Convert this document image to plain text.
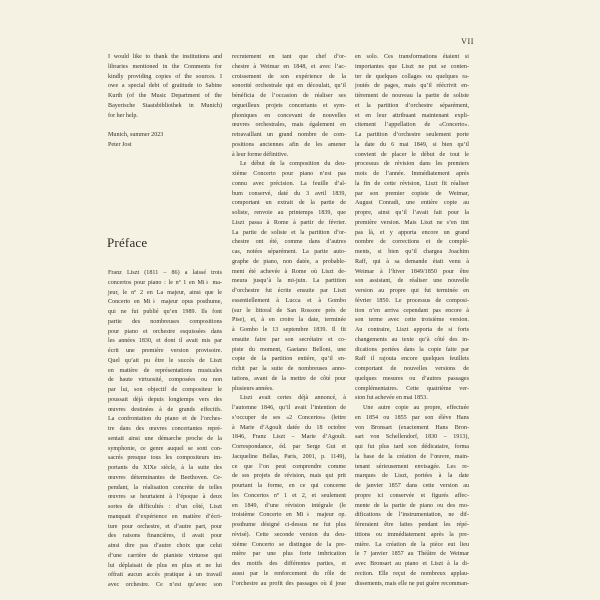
VII
I would like to thank the institutions and
libraries mentioned in the Comments for
kindly providing copies of the sources. I
owe a special debt of gratitude to Sabine
Kurth (of the Music Department of the
Bayerische Staatsbibliothek in Munich)
for her help.
Munich, summer 2023
Peter Jost
Préface
Franz Liszt (1811 – 86) a laissé trois
concertos pour piano : le nº 1 en Mi♭ ma-
jeur, le nº 2 en La majeur, ainsi que le
Concerto en Mi♭ majeur opus posthume,
qui ne fut publié qu’en 1989. Ils font
partie des nombreuses compositions
pour piano et orchestre esquissées dans
les années 1830, et dont il avait mis par
écrit une première version provisoire.
Quel qu’ait pu être le succès de Liszt
en matière de représentations musicales
de haute virtuosité, composées ou non
par lui, son objectif de compositeur le
poussait déjà depuis longtemps vers des
œuvres destinées à de grands effectifs.
La confrontation du piano et de l’orches-
tre dans des œuvres concertantes repré-
sentait ainsi une démarche proche de la
symphonie, ce genre auquel se sont con-
sacrés presque tous les compositeurs im-
portants du XIXe siècle, à la suite des
œuvres déterminantes de Beethoven. Ce-
pendant, la réalisation concrète de telles
œuvres se heurtaient à l’époque à deux
sortes de difficultés : d’un côté, Liszt
manquait d’expérience en matière d’écri-
ture pour orchestre, et d’autre part, pour
des raisons financières, il avait pour
ainsi dire pas d’autre choix que celui
d’une carrière de pianiste virtuose qui
lui déplaisait de plus en plus et ne lui
offrait aucun accès pratique à un travail
avec orchestre. Ce n’est qu’avec son
recrutement en tant que chef d’or-
chestre à Weimar en 1848, et avec l’ac-
croissement de son expérience de la
sonorité orchestrale qui en découlait, qu’il
bénéficia de l’occasion de réaliser ses
orgueilleux projets concertants et sym-
phoniques en concevant de nouvelles
œuvres orchestrales, mais également en
retravaillant un grand nombre de com-
positions anciennes afin de les amener
à leur forme définitive.
Le début de la composition du deu-
xième Concerto pour piano n’est pas
connu avec précision. La feuille d’al-
bum conservé, daté du 3 avril 1839,
comportant un extrait de la partie de
soliste, renvoie au printemps 1839, que
Liszt passa à Rome à partir de février.
La partie de soliste et la partition d’or-
chestre ont été, comme dans d’autres
cas, notées séparément. La partie auto-
graphe de piano, non datée, a probable-
ment été achevée à Rome où Liszt de-
meura jusqu’à la mi-juin. La partition
d’orchestre fut écrite ensuite par Liszt
essentiellement à Lucca et à Gombo
(sur le littoral de San Rossore près de
Pise), et, à en croire la date, terminée
à Gombo le 13 septembre 1839. Il fit
ensuite faire par son secrétaire et co-
piste du moment, Gaetano Belloni, une
copie de la partition entière, qu’il en-
richit par la suite de nombreuses anno-
tations, avant de la mettre de côté pour
plusieurs années.
Liszt avait certes déjà annoncé, à
l’automne 1846, qu’il avait l’intention de
s’occuper de ses «2 Concertos» (lettre
à Marie d’Agoult datée du 18 octobre
1846, Franz Liszt – Marie d’Agoult.
Correspondance, éd. par Serge Gut et
Jacqueline Bellas, Paris, 2001, p. 1149),
ce que l’on peut comprendre comme
de ses projets de révision, mais qui prit
pourtant la forme, en ce qui concerne
les Concertos nº 1 et 2, et seulement
en 1849, d’une révision intégrale (le
troisième Concerto en Mi♭ majeur op.
posthume désigné ci-dessus ne fut plus
révisé). Cette seconde version du deu-
xième Concerto se distingue de la pre-
mière par une plus forte imbrication
des motifs des différentes parties, et
aussi par le renforcement du rôle de
l’orchestre au profit des passages où il joue
en solo. Ces transformations étaient si
importantes que Liszt ne put se conten-
ter de quelques collages ou quelques ra-
joutés de pages, mais qu’il réécrivit en-
tièrement de nouveau la partie de soliste
et la partition d’orchestre séparément,
et en leur attribuant maintenant expli-
citement l’appellation de «Concerto».
La partition d’orchestre seulement porte
la date du 6 mai 1849, si bien qu’il
convient de placer le début de tout le
processus de révision dans les premiers
mois de l’année. Immédiatement après
la fin de cette révision, Liszt fit réaliser
par son premier copiste de Weimar,
August Conradi, une entière copie au
propre, ainsi qu’il l’avait fait pour la
première version. Mais Liszt ne s’en tint
pas là, et y apporta encore un grand
nombre de corrections et de complé-
ments, si bien qu’il chargea Joachim
Raff, qui à sa demande était venu à
Weimar à l’hiver 1849/1850 pour être
son assistant, de réaliser une nouvelle
version au propre qui fut terminée en
février 1850. Le processus de composi-
tion n’en arriva cependant pas encore à
son terme avec cette troisième version.
Au contraire, Liszt apporta de si forts
changements au texte qu’à côté des in-
dications portées dans la copie faite par
Raff il rajouta encore quelques feuillets
comportant de nouvelles versions de
quelques mesures ou d’autres passages
complémentaires. Cette quatrième ver-
sion fut achevée en mai 1853.
Une autre copie au propre, effectuée
en 1854 ou 1855 par son élève Hans
von Bronsart (exactement Hans Bron-
sart von Schellendorf, 1830 – 1913),
qui fut plus tard son dédicataire, forma
la base de la création de l’œuvre, main-
tenant sérieusement envisagée. Les re-
marques de Liszt, portées à la date
de janvier 1857 dans cette version au
propre ici conservée et figurés affec-
mente de la partie de piano ou des mo-
difications de l’instrumentation, ne dif-
féreraient être faites pendant les répé-
titions ou immédiatement après la pre-
mière. La création de la pièce eut lieu
le 7 janvier 1857 au Théâtre de Weimar
avec Bronsart au piano et Liszt à la di-
rection. Elle reçut de nombreux applau-
dissements, mais elle ne put guère recomman-
